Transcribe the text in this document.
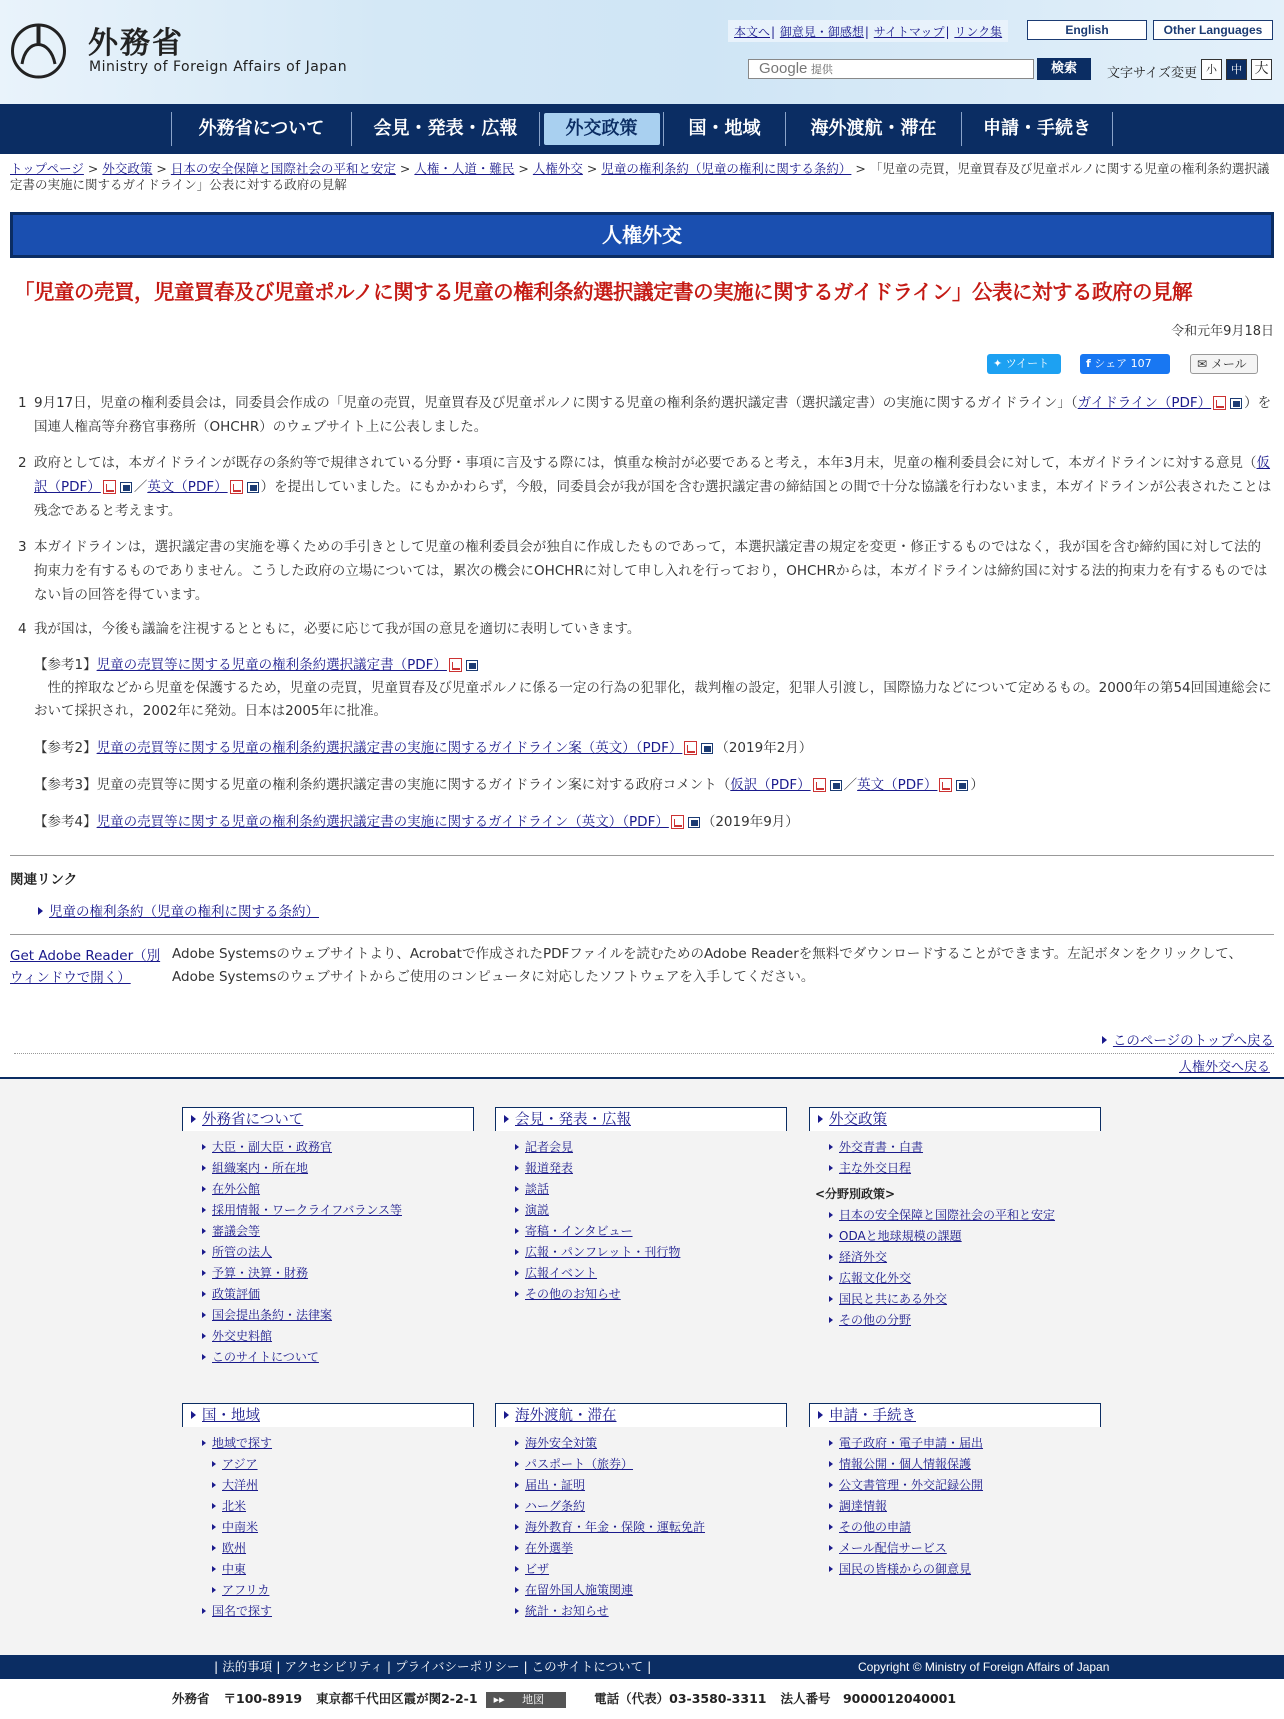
外務省
Ministry of Foreign Affairs of Japan
本文へ| 御意見・御感想| サイトマップ| リンク集	English	Other Languages
Google 提供	検索	文字サイズ変更 小	中 大
外務省について	会見・発表・広報	外交政策	国・地域	海外渡航・滞在	申請・手続き
トップページ > 外交政策 > 日本の安全保障と国際社会の平和と安定 > 人権・人道・難民 > 人権外交 > 児童の権利条約（児童の権利に関する条約） > 「児童の売買，児童買春及び児童ポルノに関する児童の権利条約選択議定書の実施に関するガイドライン」公表に対する政府の見解
人権外交
「児童の売買，児童買春及び児童ポルノに関する児童の権利条約選択議定書の実施に関するガイドライン」公表に対する政府の見解
令和元年9月18日
✦ ツイート	f シェア 107	✉ メール
1 9月17日，児童の権利委員会は，同委員会作成の「児童の売買，児童買春及び児童ポルノに関する児童の権利条約選択議定書（選択議定書）の実施に関するガイドライン」（ガイドライン（PDF） ）を国連人権高等弁務官事務所（OHCHR）のウェブサイト上に公表しました。
2 政府としては，本ガイドラインが既存の条約等で規律されている分野・事項に言及する際には，慎重な検討が必要であると考え，本年3月末，児童の権利委員会に対して，本ガイドラインに対する意見（仮訳（PDF） ／英文（PDF） ）を提出していました。にもかかわらず，今般，同委員会が我が国を含む選択議定書の締結国との間で十分な協議を行わないまま，本ガイドラインが公表されたことは残念であると考えます。
3 本ガイドラインは，選択議定書の実施を導くための手引きとして児童の権利委員会が独自に作成したものであって，本選択議定書の規定を変更・修正するものではなく，我が国を含む締約国に対して法的拘束力を有するものでありません。こうした政府の立場については，累次の機会にOHCHRに対して申し入れを行っており，OHCHRからは，本ガイドラインは締約国に対する法的拘束力を有するものではない旨の回答を得ています。
4 我が国は，今後も議論を注視するとともに，必要に応じて我が国の意見を適切に表明していきます。
【参考1】児童の売買等に関する児童の権利条約選択議定書（PDF）
　性的搾取などから児童を保護するため，児童の売買，児童買春及び児童ポルノに係る一定の行為の犯罪化，裁判権の設定，犯罪人引渡し，国際協力などについて定めるもの。2000年の第54回国連総会において採択され，2002年に発効。日本は2005年に批准。
【参考2】児童の売買等に関する児童の権利条約選択議定書の実施に関するガイドライン案（英文）（PDF） （2019年2月）
【参考3】児童の売買等に関する児童の権利条約選択議定書の実施に関するガイドライン案に対する政府コメント（仮訳（PDF） ／英文（PDF） ）
【参考4】児童の売買等に関する児童の権利条約選択議定書の実施に関するガイドライン（英文）（PDF） （2019年9月）
関連リンク
児童の権利条約（児童の権利に関する条約）
Get Adobe Reader（別ウィンドウで開く）
Adobe Systemsのウェブサイトより、Acrobatで作成されたPDFファイルを読むためのAdobe Readerを無料でダウンロードすることができます。左記ボタンをクリックして、Adobe Systemsのウェブサイトからご使用のコンピュータに対応したソフトウェアを入手してください。
このページのトップへ戻る
人権外交へ戻る
外務省について
大臣・副大臣・政務官
組織案内・所在地
在外公館
採用情報・ワークライフバランス等
審議会等
所管の法人
予算・決算・財務
政策評価
国会提出条約・法律案
外交史料館
このサイトについて
会見・発表・広報
記者会見
報道発表
談話
演説
寄稿・インタビュー
広報・パンフレット・刊行物
広報イベント
その他のお知らせ
外交政策
外交青書・白書
主な外交日程
<分野別政策>
日本の安全保障と国際社会の平和と安定
ODAと地球規模の課題
経済外交
広報文化外交
国民と共にある外交
その他の分野
国・地域
地域で探す
アジア
大洋州
北米
中南米
欧州
中東
アフリカ
国名で探す
海外渡航・滞在
海外安全対策
パスポート（旅券）
届出・証明
ハーグ条約
海外教育・年金・保険・運転免許
在外選挙
ビザ
在留外国人施策関連
統計・お知らせ
申請・手続き
電子政府・電子申請・届出
情報公開・個人情報保護
公文書管理・外交記録公開
調達情報
その他の申請
メール配信サービス
国民の皆様からの御意見
| 法的事項 | アクセシビリティ | プライバシーポリシー | このサイトについて |	Copyright © Ministry of Foreign Affairs of Japan
外務省 〒100-8919 東京都千代田区霞が関2-2-1 ▸▸ 地図	電話（代表）03-3580-3311 法人番号　9000012040001
